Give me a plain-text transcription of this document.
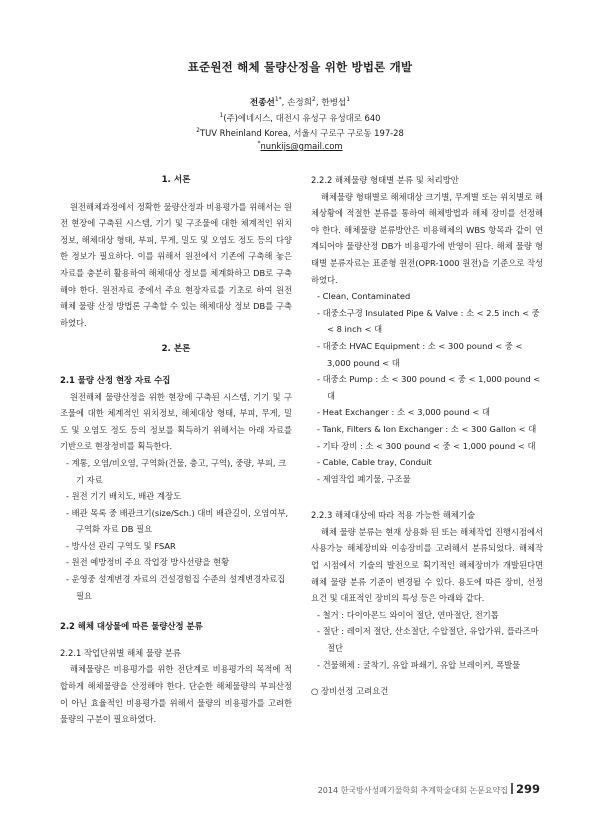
표준원전 해체 물량산정을 위한 방법론 개발
전종선$^{1*}$, 손정희$^2$, 한병섭$^1$
$^1$(주)에네시스, 대전시 유성구 유성대로 640
$^2$TUV Rheinland Korea, 서울시 구로구 구로동 197-28
*nunkijs@gmail.com
1. 서론
원전해체과정에서 정확한 물량산정과 비용평가를 위해서는 원전 현장에 구축된 시스템, 기기 및 구조물에 대한 체계적인 위치정보, 해체대상 형태, 부피, 무게, 밀도 및 오염도 정도 등의 다양한 정보가 필요하다. 이를 위해서 원전에서 기존에 구축해 놓은 자료를 충분히 활용하여 해체대상 정보를 체계화하고 DB로 구축해야 한다. 원전자료 중에서 주요 현장자료를 기초로 하여 원전 해체 물량 산정 방법론 구축할 수 있는 해체대상 정보 DB를 구축하였다.
2. 본론
2.1 물량 산정 현장 자료 수집
원전해체 물량산정을 위한 현장에 구축된 시스템, 기기 및 구조물에 대한 체계적인 위치정보, 해체대상 형태, 부피, 무게, 밀도 및 오염도 정도 등의 정보를 획득하기 위해서는 아래 자료를 기반으로 현장정비를 획득한다.
- 계통, 오염/비오염, 구역화(건물, 층고, 구역), 중량, 부피, 크기 자료
- 원전 기기 배치도, 배관 계장도
- 배관 목록 중 배관크기(size/Sch.) 대비 배관길이, 오염여부, 구역화 자료 DB 필요
- 방사선 관리 구역도 및 FSAR
- 원전 예방정비 주요 작업장 방사선량을 현황
- 운영중 설계변경 자료의 건설경험집 수준의 설계변경자료집 필요
2.2 해체 대상물에 따른 물량산정 분류
2.2.1 작업단위별 해체 물량 분류
해체물량은 비용평가를 위한 전단계로 비용평가의 목적에 적합하게 해체물량을 산정해야 한다. 단순한 해체물량의 부피산정이 아닌 효율적인 비용평가를 위해서 물량의 비용평가를 고려한 물량의 구분이 필요하였다.
2.2.2 해체물량 형태별 분류 및 처리방안
해체물량 형태별로 해체대상 크기별, 무게별 또는 위치별로 해체상황에 적절한 분류를 통하여 해체방법과 해체 장비를 선정해야 한다. 해체물량 분류방안은 비용해체의 WBS 항목과 같이 연계되어야 물량산정 DB가 비용평가에 반영이 된다. 해체 물량 형태별 분류자료는 표준형 원전(OPR-1000 원전)을 기준으로 작성하였다.
- Clean, Contaminated
- 대중소구경 Insulated Pipe & Valve : 소 < 2.5 inch < 중 < 8 inch < 대
- 대중소 HVAC Equipment : 소 < 300 pound < 중 < 3,000 pound < 대
- 대중소 Pump : 소 < 300 pound < 중 < 1,000 pound < 대
- Heat Exchanger : 소 < 3,000 pound < 대
- Tank, Filters & Ion Exchanger : 소 < 300 Gallon < 대
- 기타 장비 : 소 < 300 pound < 중 < 1,000 pound < 대
- Cable, Cable tray, Conduit
- 제염작업 폐기물, 구조물
2.2.3 해체대상에 따라 적용 가능한 해체기술
해체 물량 분류는 현재 상용화 된 또는 해체작업 진행시점에서 사용가능 해체장비와 이송장비를 고려해서 분류되었다. 해체작업 시점에서 기술의 발전으로 획기적인 해체장비가 개발된다면 해체 물량 분류 기준이 변경될 수 있다. 용도에 따른 장비, 선정요건 및 대표적인 장비의 특성 등은 아래와 같다.
- 철거 : 다이아몬드 와이어 절단, 연마절단, 전기톱
- 절단 : 레이저 절단, 산소절단, 수압절단, 유압가위, 플라즈마 절단
- 건물해체 : 굴착기, 유압 파쇄기, 유압 브레이커, 폭발물
○ 장비선정 고려요건
2014 한국방사성폐기물학회 추계학술대회 논문요약집 299
